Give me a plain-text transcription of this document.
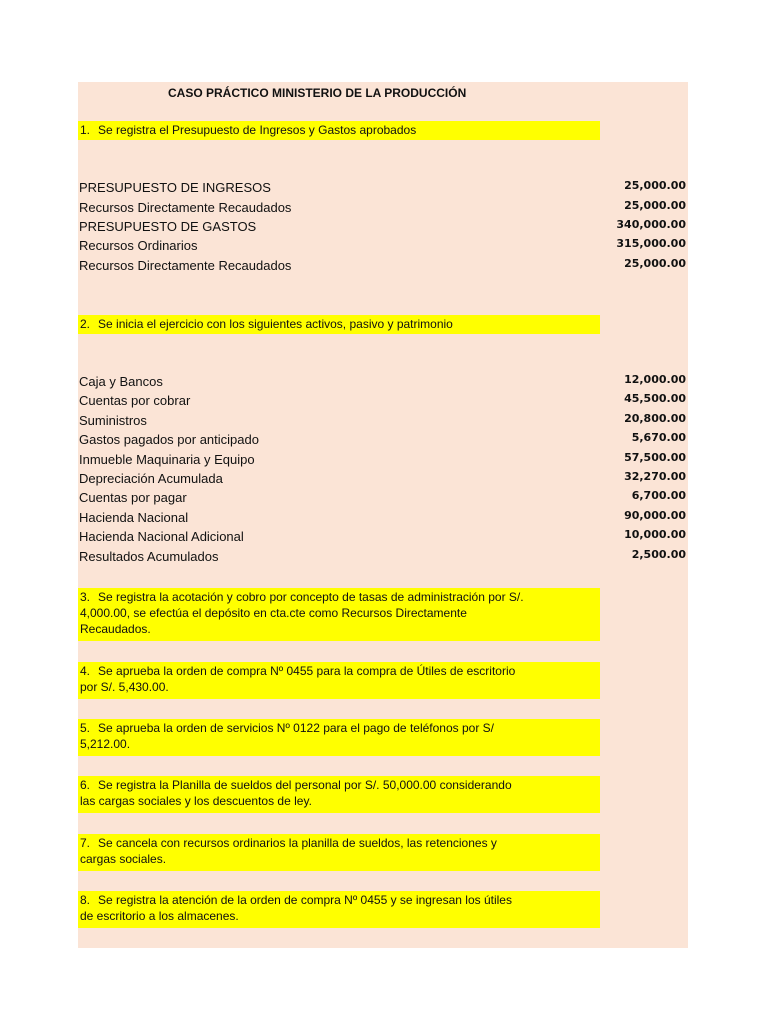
CASO PRÁCTICO MINISTERIO DE LA PRODUCCIÓN
1. Se registra el Presupuesto de Ingresos y Gastos aprobados
PRESUPUESTO DE INGRESOS	25,000.00
Recursos Directamente Recaudados	25,000.00
PRESUPUESTO DE GASTOS	340,000.00
Recursos Ordinarios	315,000.00
Recursos Directamente Recaudados	25,000.00
2. Se inicia el ejercicio con los siguientes activos, pasivo y patrimonio
Caja y Bancos	12,000.00
Cuentas por cobrar	45,500.00
Suministros	20,800.00
Gastos pagados por anticipado	5,670.00
Inmueble Maquinaria y Equipo	57,500.00
Depreciación Acumulada	32,270.00
Cuentas por pagar	6,700.00
Hacienda Nacional	90,000.00
Hacienda Nacional Adicional	10,000.00
Resultados Acumulados	2,500.00
3. Se registra la acotación y cobro por concepto de tasas de administración por S/.
4,000.00, se efectúa el depósito en cta.cte como Recursos Directamente
Recaudados.
4. Se aprueba la orden de compra Nº 0455 para la compra de Útiles de escritorio
por S/. 5,430.00.
5. Se aprueba la orden de servicios Nº 0122 para el pago de teléfonos por S/
5,212.00.
6. Se registra la Planilla de sueldos del personal por S/. 50,000.00 considerando
las cargas sociales y los descuentos de ley.
7. Se cancela con recursos ordinarios la planilla de sueldos, las retenciones y
cargas sociales.
8. Se registra la atención de la orden de compra Nº 0455 y se ingresan los útiles
de escritorio a los almacenes.
